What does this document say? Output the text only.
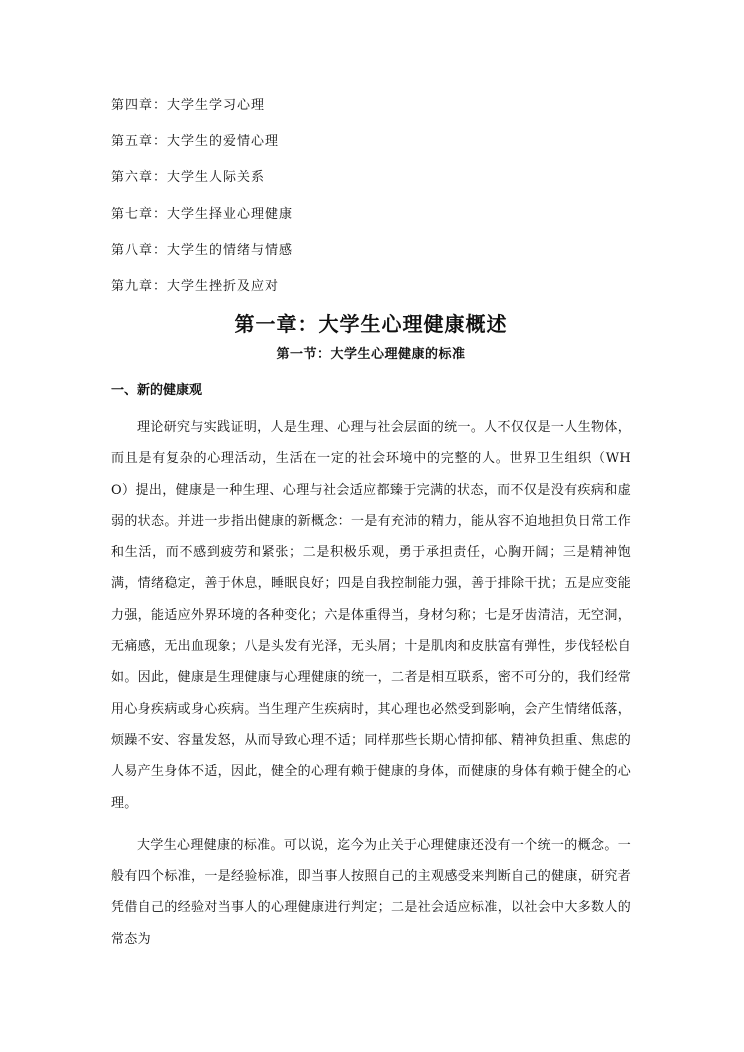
第四章：大学生学习心理
第五章：大学生的爱情心理
第六章：大学生人际关系
第七章：大学生择业心理健康
第八章：大学生的情绪与情感
第九章：大学生挫折及应对
第一章：大学生心理健康概述
第一节：大学生心理健康的标准
一、新的健康观

理论研究与实践证明，人是生理、心理与社会层面的统一。人不仅仅是一人生物体，而且是有复杂的心理活动，生活在一定的社会环境中的完整的人。世界卫生组织（WHO）提出，健康是一种生理、心理与社会适应都臻于完满的状态，而不仅是没有疾病和虚弱的状态。并进一步指出健康的新概念：一是有充沛的精力，能从容不迫地担负日常工作和生活，而不感到疲劳和紧张；二是积极乐观，勇于承担责任，心胸开阔；三是精神饱满，情绪稳定，善于休息，睡眠良好；四是自我控制能力强，善于排除干扰；五是应变能力强，能适应外界环境的各种变化；六是体重得当，身材匀称；七是牙齿清洁，无空洞，无痛感，无出血现象；八是头发有光泽，无头屑；十是肌肉和皮肤富有弹性，步伐轻松自如。因此，健康是生理健康与心理健康的统一，二者是相互联系，密不可分的，我们经常用心身疾病或身心疾病。当生理产生疾病时，其心理也必然受到影响，会产生情绪低落，烦躁不安、容量发怒，从而导致心理不适；同样那些长期心情抑郁、精神负担重、焦虑的人易产生身体不适，因此，健全的心理有赖于健康的身体，而健康的身体有赖于健全的心理。

大学生心理健康的标准。可以说，迄今为止关于心理健康还没有一个统一的概念。一般有四个标准，一是经验标准，即当事人按照自己的主观感受来判断自己的健康，研究者凭借自己的经验对当事人的心理健康进行判定；二是社会适应标准，以社会中大多数人的常态为
